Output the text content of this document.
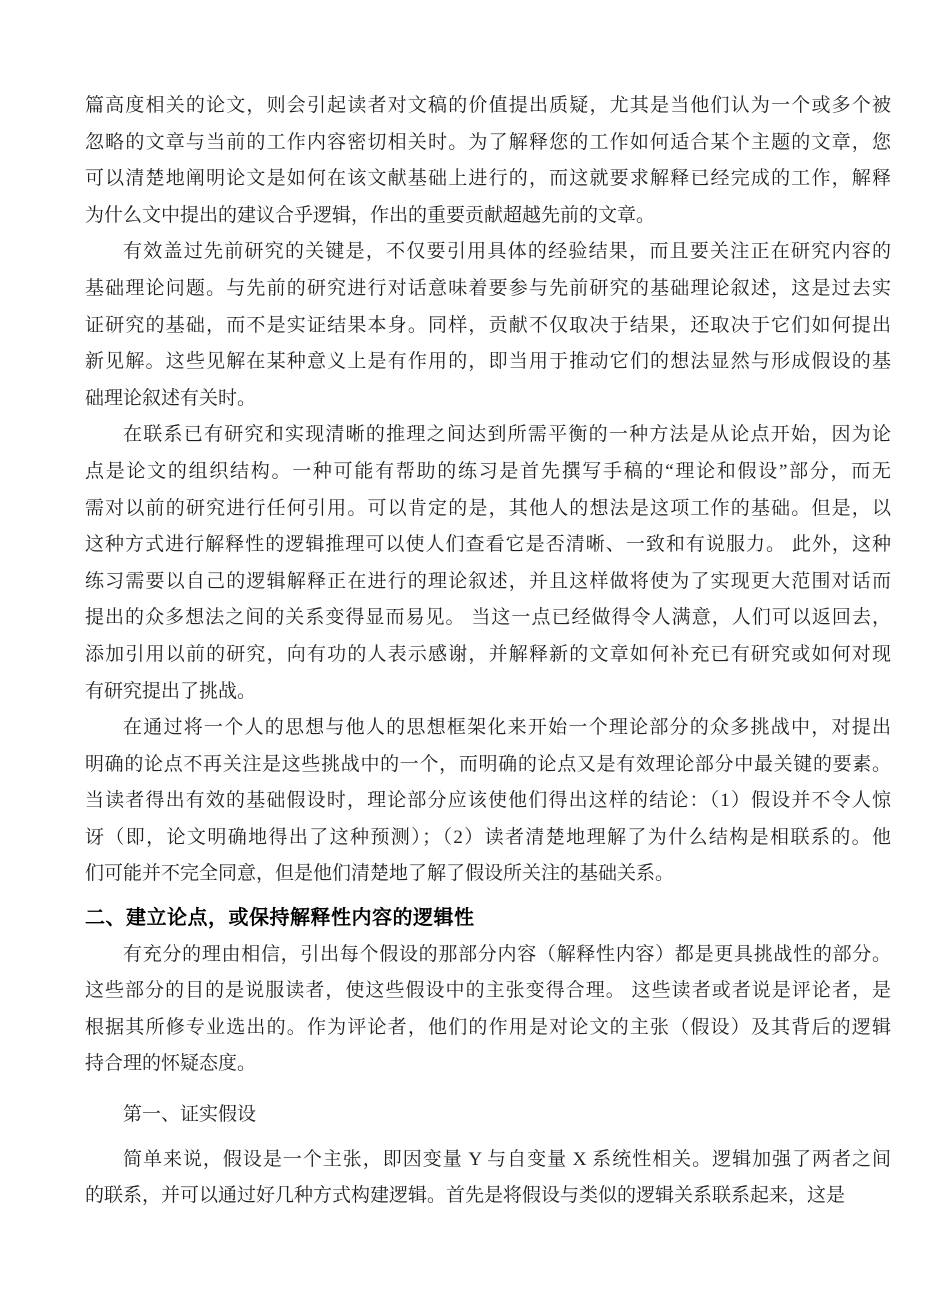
篇高度相关的论文，则会引起读者对文稿的价值提出质疑，尤其是当他们认为一个或多个被
忽略的文章与当前的工作内容密切相关时。为了解释您的工作如何适合某个主题的文章，您
可以清楚地阐明论文是如何在该文献基础上进行的，而这就要求解释已经完成的工作，解释
为什么文中提出的建议合乎逻辑，作出的重要贡献超越先前的文章。
有效盖过先前研究的关键是，不仅要引用具体的经验结果，而且要关注正在研究内容的
基础理论问题。与先前的研究进行对话意味着要参与先前研究的基础理论叙述，这是过去实
证研究的基础，而不是实证结果本身。同样，贡献不仅取决于结果，还取决于它们如何提出
新见解。这些见解在某种意义上是有作用的，即当用于推动它们的想法显然与形成假设的基
础理论叙述有关时。
在联系已有研究和实现清晰的推理之间达到所需平衡的一种方法是从论点开始，因为论
点是论文的组织结构。一种可能有帮助的练习是首先撰写手稿的“理论和假设”部分，而无
需对以前的研究进行任何引用。可以肯定的是，其他人的想法是这项工作的基础。但是，以
这种方式进行解释性的逻辑推理可以使人们查看它是否清晰、一致和有说服力。 此外，这种
练习需要以自己的逻辑解释正在进行的理论叙述，并且这样做将使为了实现更大范围对话而
提出的众多想法之间的关系变得显而易见。 当这一点已经做得令人满意，人们可以返回去，
添加引用以前的研究，向有功的人表示感谢，并解释新的文章如何补充已有研究或如何对现
有研究提出了挑战。
在通过将一个人的思想与他人的思想框架化来开始一个理论部分的众多挑战中，对提出
明确的论点不再关注是这些挑战中的一个，而明确的论点又是有效理论部分中最关键的要素。
当读者得出有效的基础假设时，理论部分应该使他们得出这样的结论：（1）假设并不令人惊
讶（即，论文明确地得出了这种预测）；（2）读者清楚地理解了为什么结构是相联系的。他
们可能并不完全同意，但是他们清楚地了解了假设所关注的基础关系。
二、建立论点，或保持解释性内容的逻辑性
有充分的理由相信，引出每个假设的那部分内容（解释性内容）都是更具挑战性的部分。
这些部分的目的是说服读者，使这些假设中的主张变得合理。 这些读者或者说是评论者，是
根据其所修专业选出的。作为评论者，他们的作用是对论文的主张（假设）及其背后的逻辑
持合理的怀疑态度。
第一、证实假设
简单来说，假设是一个主张，即因变量 Y 与自变量 X 系统性相关。逻辑加强了两者之间
的联系，并可以通过好几种方式构建逻辑。首先是将假设与类似的逻辑关系联系起来，这是
